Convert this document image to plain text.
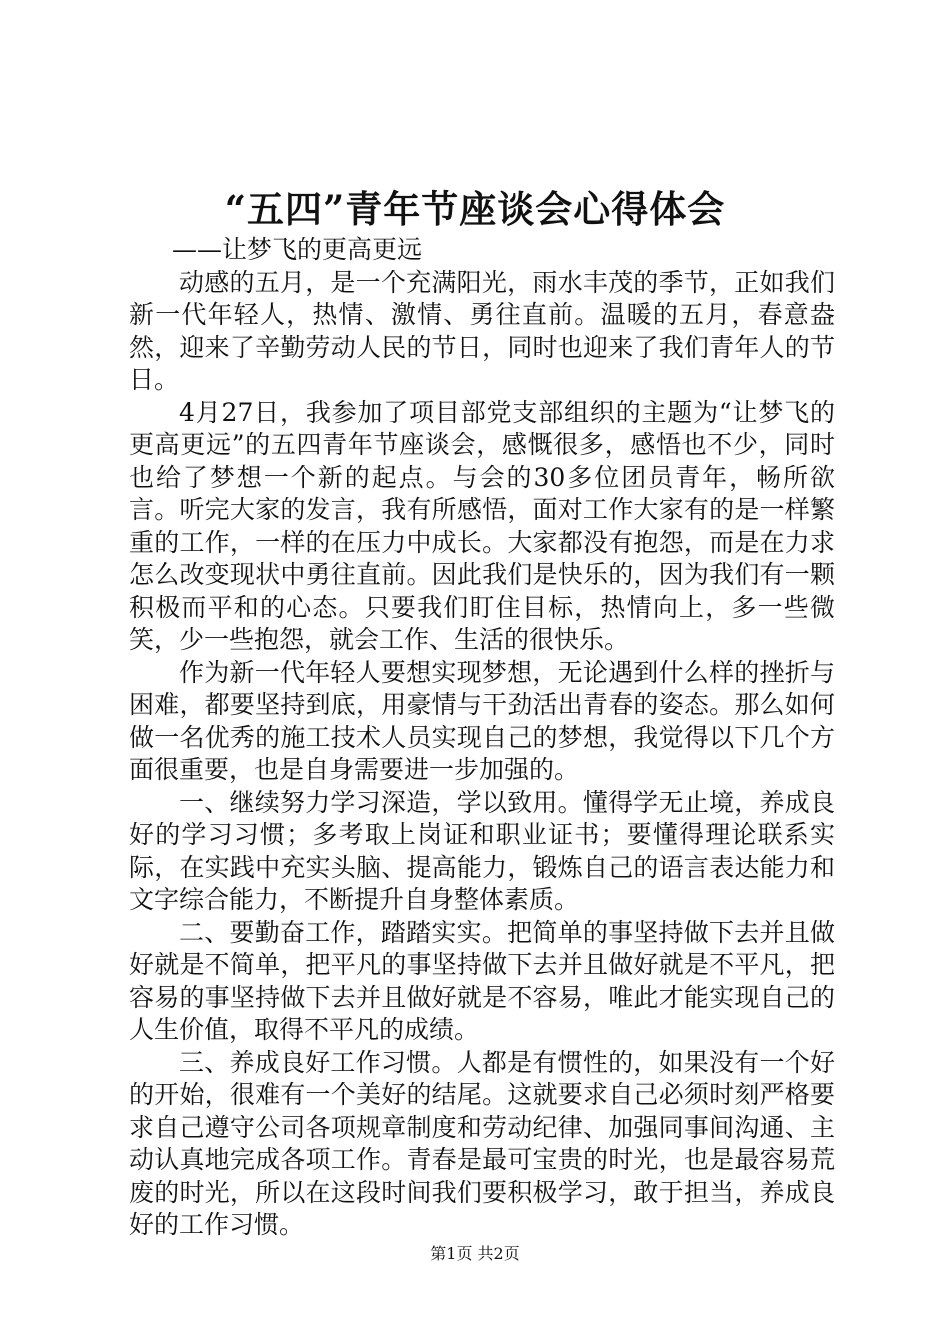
“五四”青年节座谈会心得体会

——让梦飞的更高更远

动感的五月，是一个充满阳光，雨水丰茂的季节，正如我们新一代年轻人，热情、激情、勇往直前。温暖的五月，春意盎然，迎来了辛勤劳动人民的节日，同时也迎来了我们青年人的节日。

4月27日，我参加了项目部党支部组织的主题为“让梦飞的更高更远”的五四青年节座谈会，感慨很多，感悟也不少，同时也给了梦想一个新的起点。与会的30多位团员青年，畅所欲言。听完大家的发言，我有所感悟，面对工作大家有的是一样繁重的工作，一样的在压力中成长。大家都没有抱怨，而是在力求怎么改变现状中勇往直前。因此我们是快乐的，因为我们有一颗积极而平和的心态。只要我们盯住目标，热情向上，多一些微笑，少一些抱怨，就会工作、生活的很快乐。

作为新一代年轻人要想实现梦想，无论遇到什么样的挫折与困难，都要坚持到底，用豪情与干劲活出青春的姿态。那么如何做一名优秀的施工技术人员实现自己的梦想，我觉得以下几个方面很重要，也是自身需要进一步加强的。

一、继续努力学习深造，学以致用。懂得学无止境，养成良好的学习习惯；多考取上岗证和职业证书；要懂得理论联系实际，在实践中充实头脑、提高能力，锻炼自己的语言表达能力和文字综合能力，不断提升自身整体素质。

二、要勤奋工作，踏踏实实。把简单的事坚持做下去并且做好就是不简单，把平凡的事坚持做下去并且做好就是不平凡，把容易的事坚持做下去并且做好就是不容易，唯此才能实现自己的人生价值，取得不平凡的成绩。

三、养成良好工作习惯。人都是有惯性的，如果没有一个好的开始，很难有一个美好的结尾。这就要求自己必须时刻严格要求自己遵守公司各项规章制度和劳动纪律、加强同事间沟通、主动认真地完成各项工作。青春是最可宝贵的时光，也是最容易荒废的时光，所以在这段时间我们要积极学习，敢于担当，养成良好的工作习惯。

第1页 共2页
